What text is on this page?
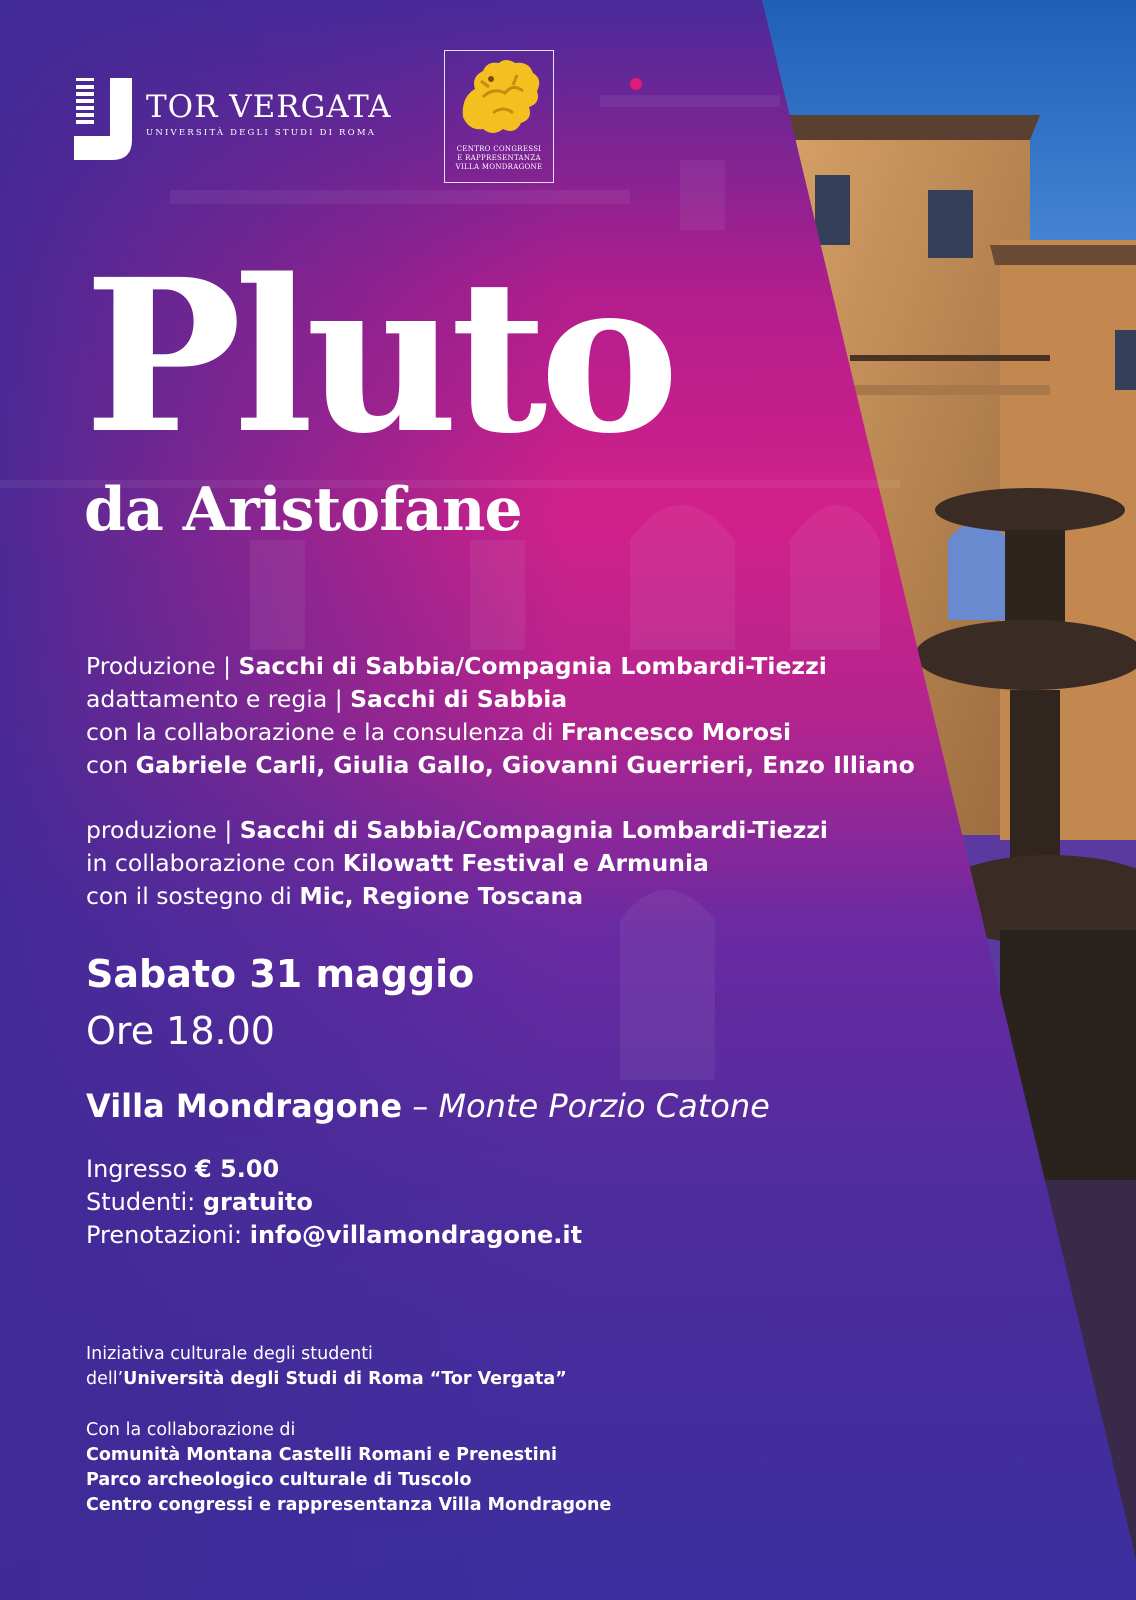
TOR VERGATA
UNIVERSITÀ DEGLI STUDI DI ROMA
CENTRO CONGRESSI
E RAPPRESENTANZA
VILLA MONDRAGONE
Pluto
da Aristofane
Produzione | Sacchi di Sabbia/Compagnia Lombardi-Tiezzi
adattamento e regia | Sacchi di Sabbia
con la collaborazione e la consulenza di Francesco Morosi
con Gabriele Carli, Giulia Gallo, Giovanni Guerrieri, Enzo Illiano
produzione | Sacchi di Sabbia/Compagnia Lombardi-Tiezzi
in collaborazione con Kilowatt Festival e Armunia
con il sostegno di Mic, Regione Toscana
Sabato 31 maggio
Ore 18.00
Villa Mondragone – Monte Porzio Catone
Ingresso € 5.00
Studenti: gratuito
Prenotazioni: info@villamondragone.it
Iniziativa culturale degli studenti
dell’Università degli Studi di Roma “Tor Vergata”
Con la collaborazione di
Comunità Montana Castelli Romani e Prenestini
Parco archeologico culturale di Tuscolo
Centro congressi e rappresentanza Villa Mondragone
